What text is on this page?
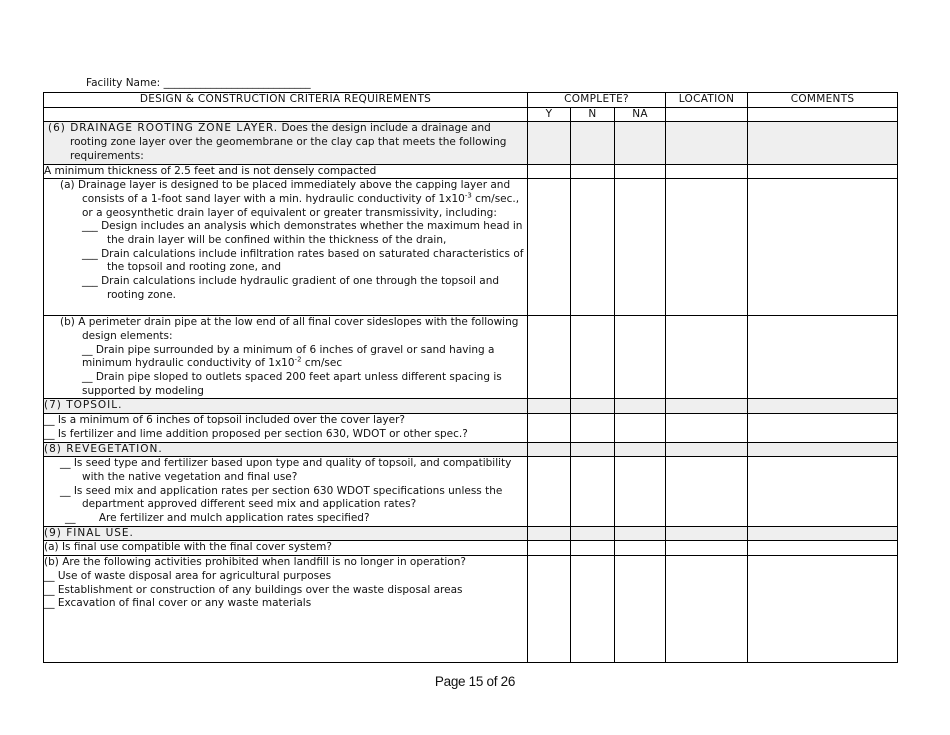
Facility Name: ____________________________
DESIGN & CONSTRUCTION CRITERIA REQUIREMENTS	COMPLETE?			LOCATION	COMMENTS
	Y	N	NA		
(6) DRAINAGE ROOTING ZONE LAYER. Does the design include a drainage and rooting zone layer over the geomembrane or the clay cap that meets the following requirements:					
A minimum thickness of 2.5 feet and is not densely compacted					

(a) Drainage layer is designed to be placed immediately above the capping layer and consists of a 1-foot sand layer with a min. hydraulic conductivity of $1x10^{-3}$ cm/sec., or a geosynthetic drain layer of equivalent or greater transmissivity, including:
___ Design includes an analysis which demonstrates whether the maximum head in the drain layer will be confined within the thickness of the drain,
___ Drain calculations include infiltration rates based on saturated characteristics of the topsoil and rooting zone, and
___ Drain calculations include hydraulic gradient of one through the topsoil and rooting zone.					

(b) A perimeter drain pipe at the low end of all final cover sideslopes with the following design elements:
__ Drain pipe surrounded by a minimum of 6 inches of gravel or sand having a minimum hydraulic conductivity of $1x10^{-2}$ cm/sec
__ Drain pipe sloped to outlets spaced 200 feet apart unless different spacing is supported by modeling					

(7) TOPSOIL.					

__ Is a minimum of 6 inches of topsoil included over the cover layer?
__ Is fertilizer and lime addition proposed per section 630, WDOT or other spec.?					

(8) REVEGETATION.					

__ Is seed type and fertilizer based upon type and quality of topsoil, and compatibility with the native vegetation and final use?
__ Is seed mix and application rates per section 630 WDOT specifications unless the department approved different seed mix and application rates?
__       Are fertilizer and mulch application rates specified?					

(9) FINAL USE.					
(a) Is final use compatible with the final cover system?					

(b) Are the following activities prohibited when landfill is no longer in operation?
__ Use of waste disposal area for agricultural purposes
__ Establishment or construction of any buildings over the waste disposal areas
__ Excavation of final cover or any waste materials					

Page 15 of 26
